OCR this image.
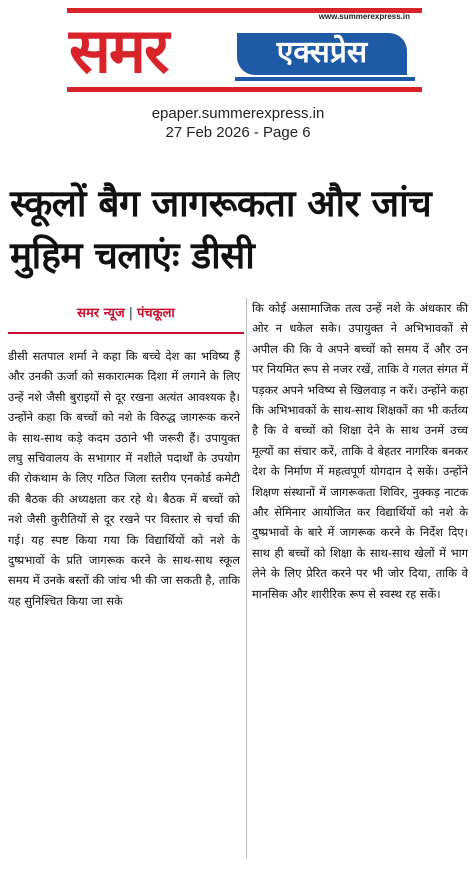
www.summerexpress.in
समर	एक्सप्रेस
epaper.summerexpress.in
27 Feb 2026 - Page 6
स्कूलों बैग जागरूकता और जांच मुहिम चलाएंः डीसी
समर न्यूज | पंचकूला
डीसी सतपाल शर्मा ने कहा कि बच्चे देश का भविष्य हैं और उनकी ऊर्जा को सकारात्मक दिशा में लगाने के लिए उन्हें नशे जैसी बुराइयों से दूर रखना अत्यंत आवश्यक है। उन्होंने कहा कि बच्चों को नशे के विरुद्ध जागरूक करने के साथ-साथ कड़े कदम उठाने भी जरूरी हैं। उपायुक्त लघु सचिवालय के सभागार में नशीले पदार्थों के उपयोग की रोकथाम के लिए गठित जिला स्तरीय एनकोर्ड कमेटी की बैठक की अध्यक्षता कर रहे थे। बैठक में बच्चों को नशे जैसी कुरीतियों से दूर रखने पर विस्तार से चर्चा की गई। यह स्पष्ट किया गया कि विद्यार्थियों को नशे के दुष्प्रभावों के प्रति जागरूक करने के साथ-साथ स्कूल समय में उनके बस्तों की जांच भी की जा सकती है, ताकि यह सुनिश्चित किया जा सके
कि कोई असामाजिक तत्व उन्हें नशे के अंधकार की ओर न धकेल सके। उपायुक्त ने अभिभावकों से अपील की कि वे अपने बच्चों को समय दें और उन पर नियमित रूप से नजर रखें, ताकि वे गलत संगत में पड़कर अपने भविष्य से खिलवाड़ न करें। उन्होंने कहा कि अभिभावकों के साथ-साथ शिक्षकों का भी कर्तव्य है कि वे बच्चों को शिक्षा देने के साथ उनमें उच्च मूल्यों का संचार करें, ताकि वे बेहतर नागरिक बनकर देश के निर्माण में महत्वपूर्ण योगदान दे सकें। उन्होंने शिक्षण संस्थानों में जागरूकता शिविर, नुक्कड़ नाटक और सेमिनार आयोजित कर विद्यार्थियों को नशे के दुष्प्रभावों के बारे में जागरूक करने के निर्देश दिए। साथ ही बच्चों को शिक्षा के साथ-साथ खेलों में भाग लेने के लिए प्रेरित करने पर भी जोर दिया, ताकि वे मानसिक और शारीरिक रूप से स्वस्थ रह सकें।
